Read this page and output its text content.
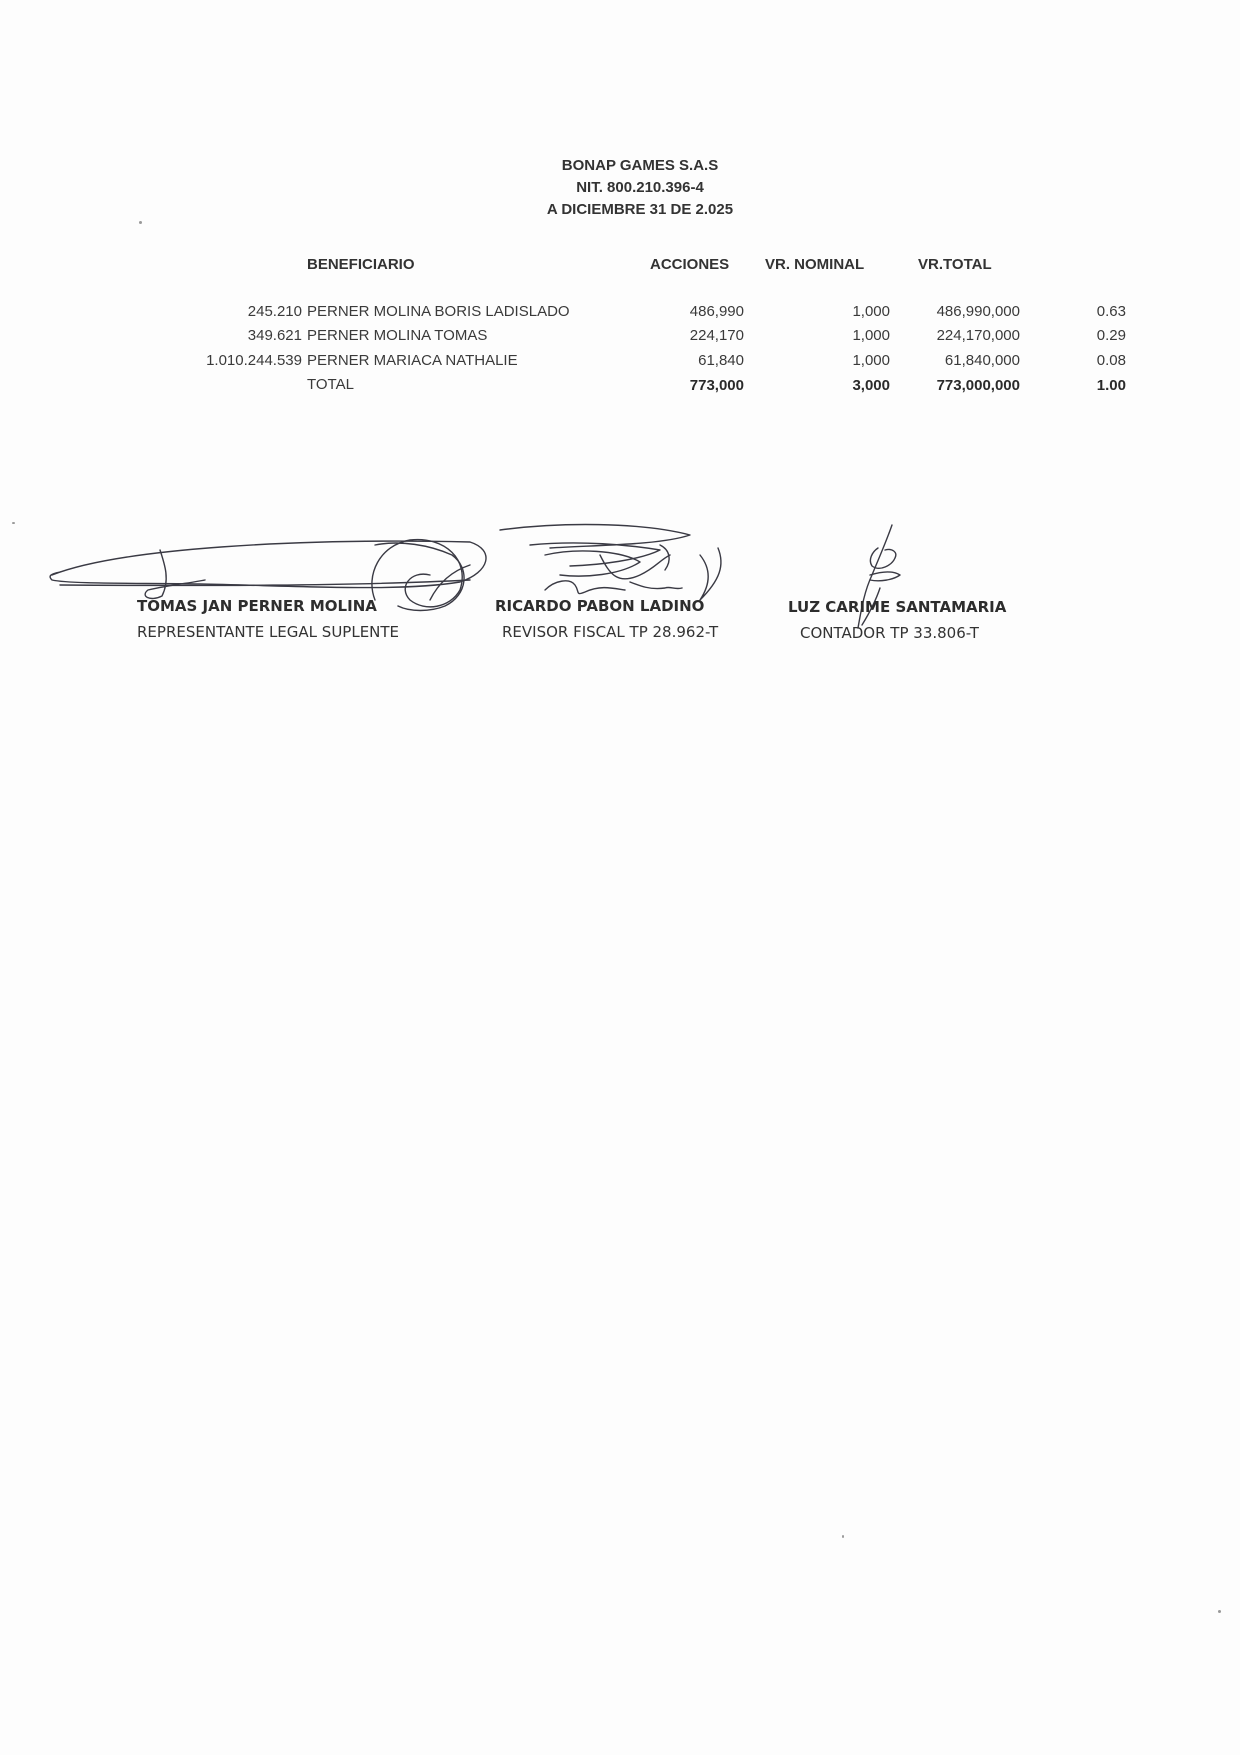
BONAP GAMES S.A.S
NIT. 800.210.396-4
A DICIEMBRE 31 DE 2.025
BENEFICIARIO	ACCIONES VR. NOMINAL	VR.TOTAL
245.210 PERNER MOLINA BORIS LADISLADO	486,990	1,000	486,990,000	0.63
349.621 PERNER MOLINA TOMAS	224,170	1,000	224,170,000	0.29
1.010.244.539 PERNER MARIACA NATHALIE	61,840	1,000	61,840,000	0.08
TOTAL	773,000	3,000	773,000,000	1.00
TOMAS JAN PERNER MOLINA
REPRESENTANTE LEGAL SUPLENTE
RICARDO PABON LADINO
REVISOR FISCAL TP 28.962-T
LUZ CARIME SANTAMARIA
CONTADOR TP 33.806-T
